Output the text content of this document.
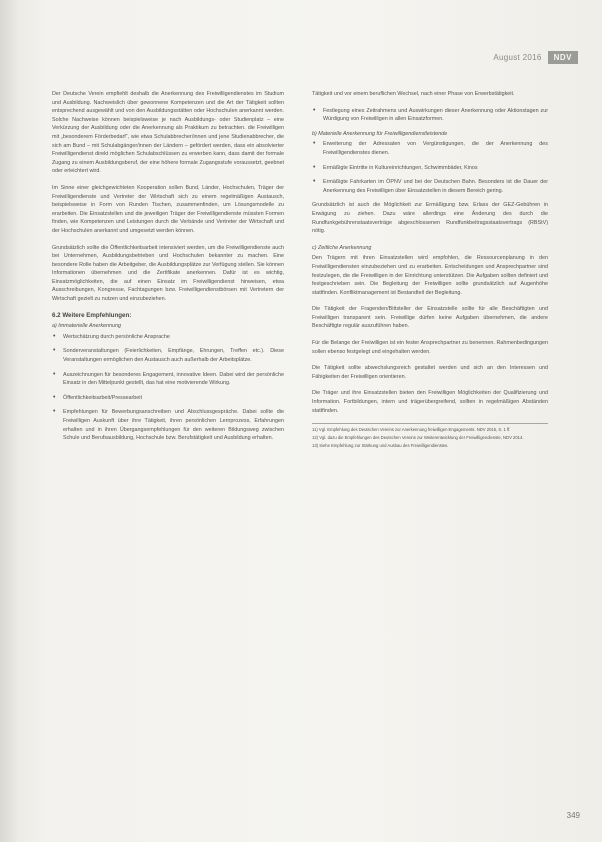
August 2016	NDV

Der Deutsche Verein empfiehlt deshalb die Anerkennung des Freiwilligendienstes im Studium und Ausbildung. Nachweislich über gewonnene Kompetenzen und die Art der Tätigkeit sollten entsprechend ausgewählt und von den Ausbildungsstätten oder Hochschulen anerkannt werden. Solche Nachweise können beispielsweise je nach Ausbildungs- oder Studienplatz – eine Verkürzung der Ausbildung oder die Anerkennung als Praktikum zu betrachten. die Freiwilligen mit „besonderem Förderbedarf“, wie etwa Schulabbrecher/innen und jene Studienabbrecher, die sich am Bund – mit Schulabgänger/innen der Ländern – gefördert werden, dass ein absolvierter Freiwilligendienst direkt möglichen Schulabschlüssen zu erwerben kann, dass damit der formale Zugang zu einem Ausbildungsberuf, der eine höhere formale Zugangsstufe voraussetzt, geebnet oder erleichtert wird.

Im Sinne einer gleichgewichteten Kooperation sollen Bund, Länder, Hochschulen, Träger der Freiwilligendienste und Vertreter der Wirtschaft sich zu einem regelmäßigen Austausch, beispielsweise in Form von Runden Tischen, zusammenfinden, um Lösungsmodelle zu erarbeiten. Die Einsatzstellen und die jeweiligen Träger der Freiwilligendienste müssten Formen finden, wie Kompetenzen und Leistungen durch die Verbände und Vertreter der Wirtschaft und der Hochschulen anerkannt und umgesetzt werden können.

Grundsätzlich sollte die Öffentlichkeitsarbeit intensiviert werden, um die Freiwilligendienste auch bei Unternehmen, Ausbildungsbetrieben und Hochschulen bekannter zu machen. Eine besondere Rolle haben die Arbeitgeber, die Ausbildungsplätze zur Verfügung stellen. Sie können Informationen übernehmen und die Zertifikate anerkennen. Dafür ist es wichtig, Einsatzmöglichkeiten, die auf einen Einsatz im Freiwilligendienst hinweisen, etwa Ausschreibungen, Kongresse, Fachtagungen bzw. Freiwilligendienstbörsen mit Vertretern der Wirtschaft gezielt zu nutzen und einzubeziehen.

6.2 Weitere Empfehlungen:
a) Immaterielle Anerkennung
• Wertschätzung durch persönliche Ansprache
• Sonderveranstaltungen (Feierlichkeiten, Empfänge, Ehrungen, Treffen etc.). Diese Veranstaltungen ermöglichen den Austausch auch außerhalb der Arbeitsplätze.
• Auszeichnungen für besonderes Engagement, innovative Ideen. Dabei wird der persönliche Einsatz in den Mittelpunkt gestellt, das hat eine motivierende Wirkung.
• Öffentlichkeitsarbeit/Pressearbeit
• Empfehlungen für Bewerbungsanschreiben und Abschlussgespräche. Dabei sollte die Freiwilligen Auskunft über ihre Tätigkeit, ihren persönlichen Lernprozess, Erfahrungen erhalten und in ihren Übergangsempfehlungen für den weiteren Bildungsweg zwischen Schule und Berufsausbildung, Hochschule bzw. Berufstätigkeit und Ausbildung erhalten.

Tätigkeit und vor einem beruflichen Wechsel, nach einer Phase von Erwerbstätigkeit.

• Festlegung eines Zeitrahmens und Auswirkungen dieser Anerkennung oder Aktionstagen zur Würdigung von Freiwilligen in allen Einsatzformen.
b) Materielle Anerkennung für Freiwilligendienstleistende
• Erweiterung der Adressaten von Vergünstigungen, die der Anerkennung des Freiwilligendienstes dienen.
• Ermäßigte Eintritte in Kultureinrichtungen, Schwimmbäder, Kinos
• Ermäßigte Fahrkarten im ÖPNV und bei der Deutschen Bahn. Besonders ist die Dauer der Anerkennung des Freiwilligen über Einsatzstellen in diesem Bereich gering.

Grundsätzlich ist auch die Möglichkeit zur Ermäßigung bzw. Erlass der GEZ-Gebühren in Erwägung zu ziehen. Dazu wäre allerdings eine Änderung des durch die Rundfunkgebührenstaatsverträge abgeschlossenen Rundfunkbeitragsstaatsvertrags (RBStV) nötig.

c) Zeitliche Anerkennung

Den Trägern mit ihren Einsatzstellen wird empfohlen, die Ressourcenplanung in den Freiwilligendiensten einzubeziehen und zu erarbeiten. Entscheidungen und Ansprechpartner sind festzulegen, die die Freiwilligen in der Einrichtung unterstützen. Die Aufgaben sollten definiert und festgeschrieben sein. Die Begleitung der Freiwilligen sollte grundsätzlich auf Augenhöhe stattfinden. Konfliktmanagement ist Bestandteil der Begleitung.

Die Tätigkeit der Fragenden/Bittsteller der Einsatzstelle sollte für alle Beschäftigten und Freiwilligen transparent sein. Freiwillige dürfen keine Aufgaben übernehmen, die andere Beschäftigte regulär auszuführen haben.

Für die Belange der Freiwilligen ist ein fester Ansprechpartner zu benennen. Rahmenbedingungen sollen ebenso festgelegt und eingehalten werden.

Die Tätigkeit sollte abwechslungsreich gestaltet werden und sich an den Interessen und Fähigkeiten der Freiwilligen orientieren.

Die Träger und ihre Einsatzstellen bieten den Freiwilligen Möglichkeiten der Qualifizierung und Information. Fortbildungen, intern und trägerübergreifend, sollten in regelmäßigen Abständen stattfinden.

11) Vgl. Empfehlung des Deutschen Vereins zur Anerkennung freiwilligen Engagements. NDV 2015, S. 1 ff.
12) Vgl. dazu die Empfehlungen des Deutschen Vereins zur Weiterentwicklung der Freiwilligendienste, NDV 2014.
13) Siehe Empfehlung zur Stärkung und Ausbau des Freiwilligendienstes.
349
